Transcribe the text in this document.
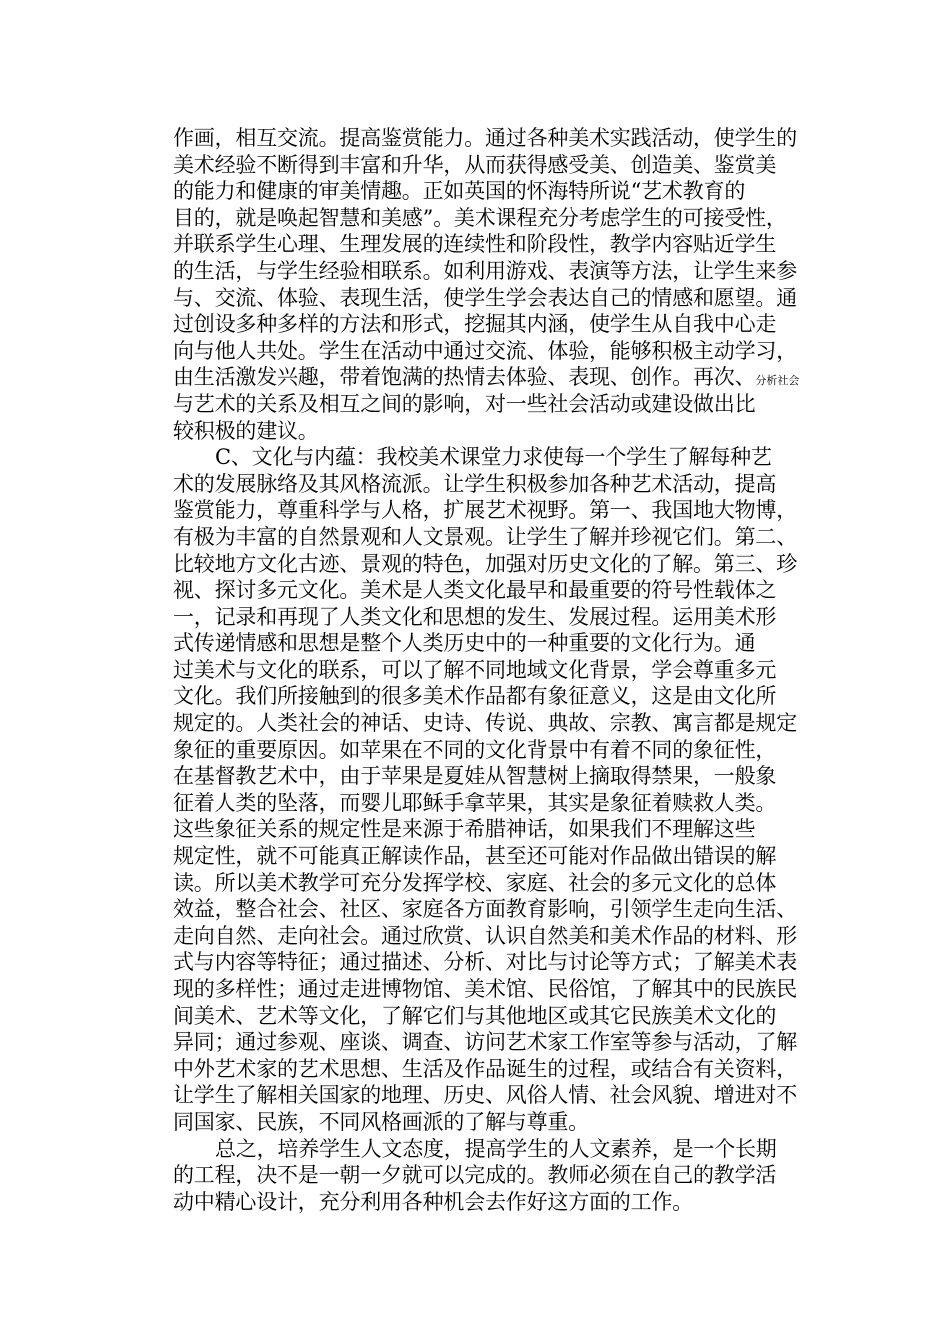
作画，相互交流。提高鉴赏能力。通过各种美术实践活动，使学生的
美术经验不断得到丰富和升华，从而获得感受美、创造美、鉴赏美
的能力和健康的审美情趣。正如英国的怀海特所说“艺术教育的
目的，就是唤起智慧和美感”。美术课程充分考虑学生的可接受性，
并联系学生心理、生理发展的连续性和阶段性，教学内容贴近学生
的生活，与学生经验相联系。如利用游戏、表演等方法，让学生来参
与、交流、体验、表现生活，使学生学会表达自己的情感和愿望。通
过创设多种多样的方法和形式，挖掘其内涵，使学生从自我中心走
向与他人共处。学生在活动中通过交流、体验，能够积极主动学习，
由生活激发兴趣，带着饱满的热情去体验、表现、创作。再次、分析社会
与艺术的关系及相互之间的影响，对一些社会活动或建设做出比
较积极的建议。
C、文化与内蕴：我校美术课堂力求使每一个学生了解每种艺
术的发展脉络及其风格流派。让学生积极参加各种艺术活动，提高
鉴赏能力，尊重科学与人格，扩展艺术视野。第一、我国地大物博，
有极为丰富的自然景观和人文景观。让学生了解并珍视它们。第二、
比较地方文化古迹、景观的特色，加强对历史文化的了解。第三、珍
视、探讨多元文化。美术是人类文化最早和最重要的符号性载体之
一，记录和再现了人类文化和思想的发生、发展过程。运用美术形
式传递情感和思想是整个人类历史中的一种重要的文化行为。通
过美术与文化的联系，可以了解不同地域文化背景，学会尊重多元
文化。我们所接触到的很多美术作品都有象征意义，这是由文化所
规定的。人类社会的神话、史诗、传说、典故、宗教、寓言都是规定
象征的重要原因。如苹果在不同的文化背景中有着不同的象征性，
在基督教艺术中，由于苹果是夏娃从智慧树上摘取得禁果，一般象
征着人类的坠落，而婴儿耶稣手拿苹果，其实是象征着赎救人类。
这些象征关系的规定性是来源于希腊神话，如果我们不理解这些
规定性，就不可能真正解读作品，甚至还可能对作品做出错误的解
读。所以美术教学可充分发挥学校、家庭、社会的多元文化的总体
效益，整合社会、社区、家庭各方面教育影响，引领学生走向生活、
走向自然、走向社会。通过欣赏、认识自然美和美术作品的材料、形
式与内容等特征；通过描述、分析、对比与讨论等方式；了解美术表
现的多样性；通过走进博物馆、美术馆、民俗馆，了解其中的民族民
间美术、艺术等文化，了解它们与其他地区或其它民族美术文化的
异同；通过参观、座谈、调查、访问艺术家工作室等参与活动，了解
中外艺术家的艺术思想、生活及作品诞生的过程，或结合有关资料，
让学生了解相关国家的地理、历史、风俗人情、社会风貌、增进对不
同国家、民族，不同风格画派的了解与尊重。
总之，培养学生人文态度，提高学生的人文素养，是一个长期
的工程，决不是一朝一夕就可以完成的。教师必须在自己的教学活
动中精心设计，充分利用各种机会去作好这方面的工作。
